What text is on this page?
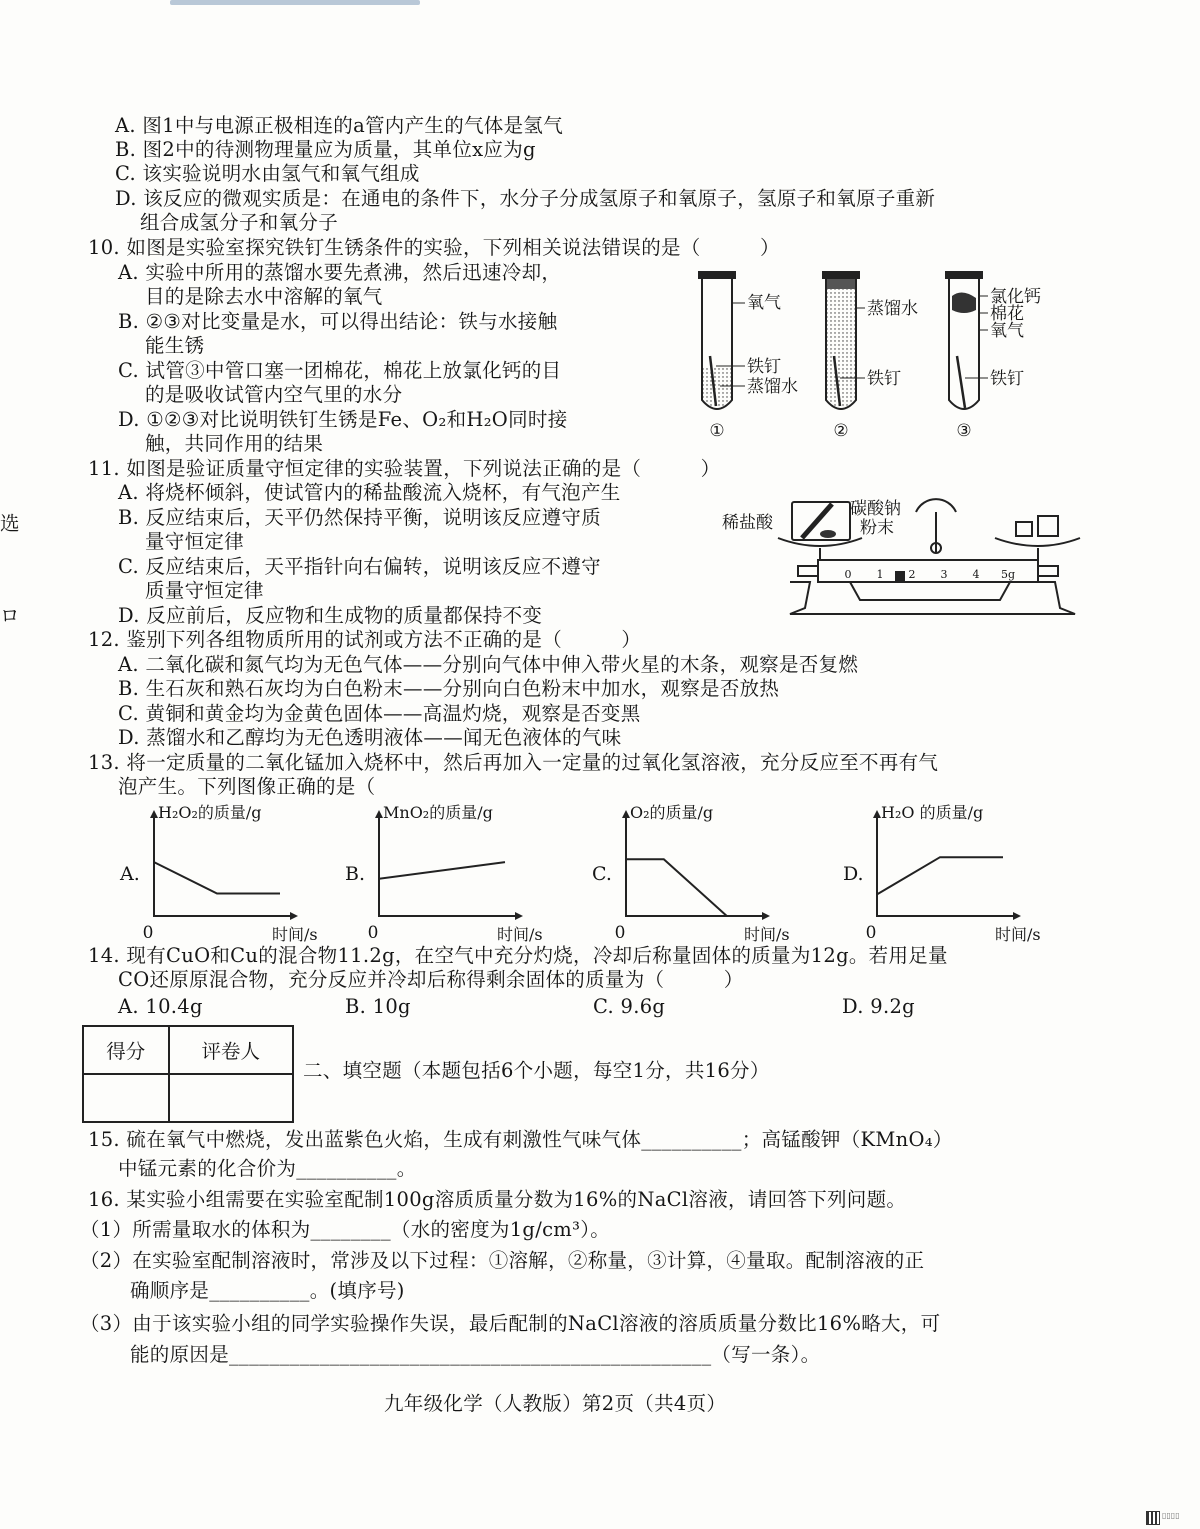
A. 图1中与电源正极相连的a管内产生的气体是氢气
B. 图2中的待测物理量应为质量，其单位x应为g
C. 该实验说明水由氢气和氧气组成
D. 该反应的微观实质是：在通电的条件下，水分子分成氢原子和氧原子，氢原子和氧原子重新
组合成氢分子和氧分子
10. 如图是实验室探究铁钉生锈条件的实验，下列相关说法错误的是（　　　）
A. 实验中所用的蒸馏水要先煮沸，然后迅速冷却，
目的是除去水中溶解的氧气
B. ②③对比变量是水，可以得出结论：铁与水接触
能生锈
C. 试管③中管口塞一团棉花，棉花上放氯化钙的目
的是吸收试管内空气里的水分
D. ①②③对比说明铁钉生锈是Fe、O₂和H₂O同时接
触，共同作用的结果
11. 如图是验证质量守恒定律的实验装置，下列说法正确的是（　　　）
A. 将烧杯倾斜，使试管内的稀盐酸流入烧杯，有气泡产生
B. 反应结束后，天平仍然保持平衡，说明该反应遵守质
量守恒定律
C. 反应结束后，天平指针向右偏转，说明该反应不遵守
质量守恒定律
D. 反应前后，反应物和生成物的质量都保持不变
12. 鉴别下列各组物质所用的试剂或方法不正确的是（　　　）
A. 二氧化碳和氮气均为无色气体——分别向气体中伸入带火星的木条，观察是否复燃
B. 生石灰和熟石灰均为白色粉末——分别向白色粉末中加水，观察是否放热
C. 黄铜和黄金均为金黄色固体——高温灼烧，观察是否变黑
D. 蒸馏水和乙醇均为无色透明液体——闻无色液体的气味
13. 将一定质量的二氧化锰加入烧杯中，然后再加入一定量的过氧化氢溶液，充分反应至不再有气
泡产生。下列图像正确的是（
14. 现有CuO和Cu的混合物11.2g，在空气中充分灼烧，冷却后称量固体的质量为12g。若用足量
CO还原原混合物，充分反应并冷却后称得剩余固体的质量为（　　　）
A. 10.4g	B. 10g	C. 9.6g	D. 9.2g
二、填空题（本题包括6个小题，每空1分，共16分）
15. 硫在氧气中燃烧，发出蓝紫色火焰，生成有刺激性气味气体__________；高锰酸钾（KMnO₄）
中锰元素的化合价为__________。
16. 某实验小组需要在实验室配制100g溶质质量分数为16%的NaCl溶液，请回答下列问题。
（1）所需量取水的体积为________（水的密度为1g/cm³）。
（2）在实验室配制溶液时，常涉及以下过程：①溶解，②称量，③计算，④量取。配制溶液的正
确顺序是__________。(填序号)
（3）由于该实验小组的同学实验操作失误，最后配制的NaCl溶液的溶质质量分数比16%略大，可
能的原因是________________________________________________（写一条）。
九年级化学（人教版）第2页（共4页）
选
ロ
氧气
铁钉
蒸馏水
蒸馏水
铁钉
氯化钙
棉花
氧气
铁钉
①	②	③
0 1 2 3 4 5g
稀盐酸
碳酸钠
粉末
H₂O₂的质量/g
时间/s
0
A.
MnO₂的质量/g
时间/s
0
B.
O₂的质量/g
时间/s
0
C.
H₂O 的质量/g
时间/s
0
D.
得分	评卷人

▯▯▯▯
